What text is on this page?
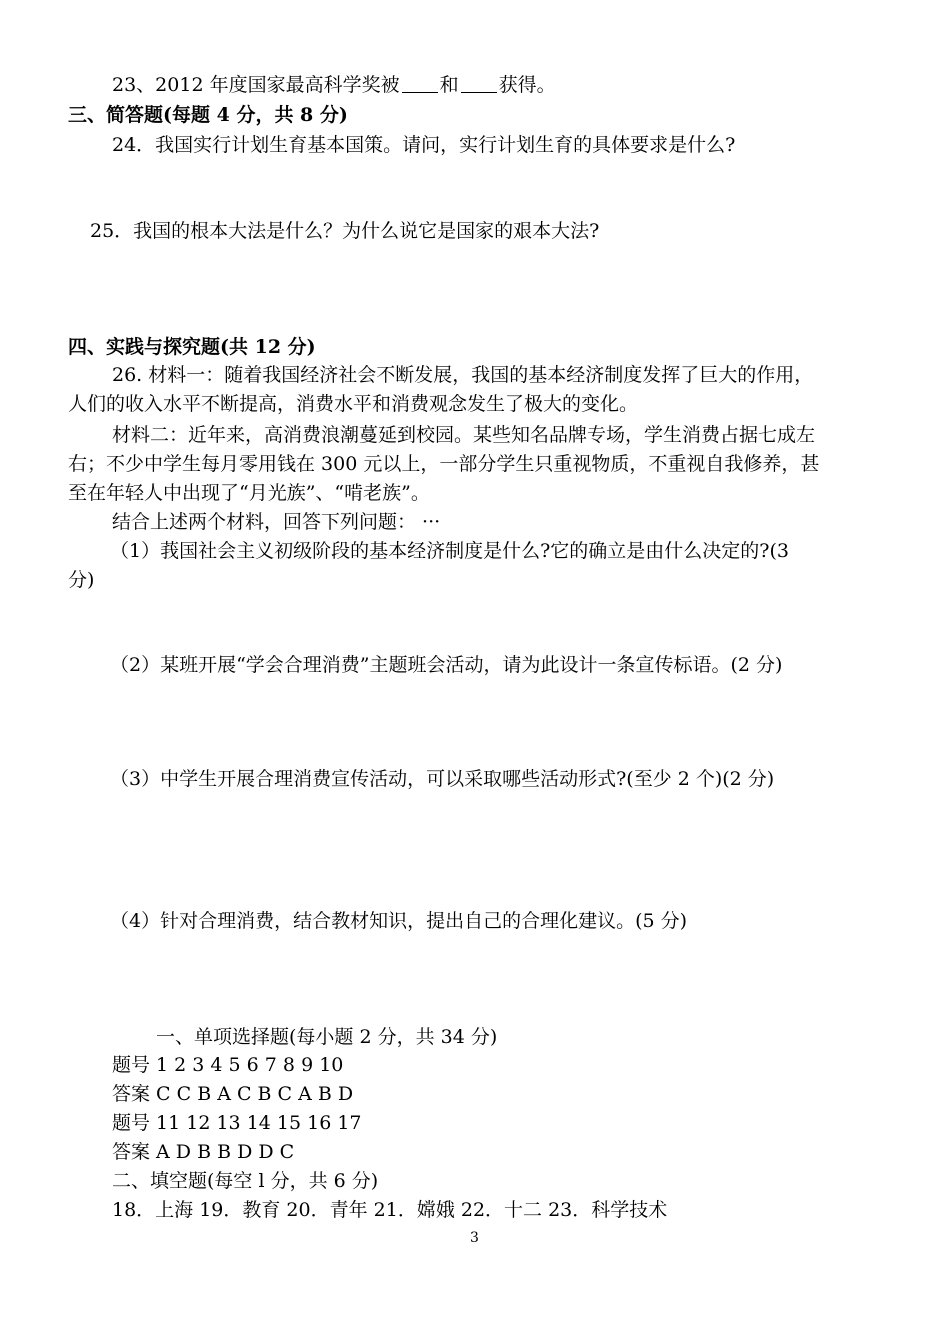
23、2012 年度国家最高科学奖被 和 获得。
三、简答题(每题 4 分，共 8 分)
24．我国实行计划生育基本国策。请问，实行计划生育的具体要求是什么?
25．我国的根本大法是什么？为什么说它是国家的艰本大法?
四、实践与探究题(共 12 分)
26. 材料一：随着我国经济社会不断发展，我国的基本经济制度发挥了巨大的作用，
人们的收入水平不断提高，消费水平和消费观念发生了极大的变化。
材料二：近年来，高消费浪潮蔓延到校园。某些知名品牌专场，学生消费占据七成左
右；不少中学生每月零用钱在 300 元以上，一部分学生只重视物质，不重视自我修养，甚
至在年轻人中出现了“月光族”、“啃老族”。
结合上述两个材料，回答下列问题： ···
（1）莪国社会主义初级阶段的基本经济制度是什么?它的确立是由什么决定的?(3
分)
（2）某班开展“学会合理消费”主题班会活动，请为此设计一条宣传标语。(2 分)
（3）中学生开展合理消费宣传活动，可以采取哪些活动形式?(至少 2 个)(2 分)
（4）针对合理消费，结合教材知识，提出自己的合理化建议。(5 分)
一、单项选择题(每小题 2 分，共 34 分)
题号 1 2 3 4 5 6 7 8 9 10
答案 C C B A C B C A B D
题号 11 12 13 14 15 16 17
答案 A D B B D D C
二、填空题(每空 l 分，共 6 分)
18．上海 19．教育 20．青年 21．嫦娥 22．十二 23．科学技术
3
